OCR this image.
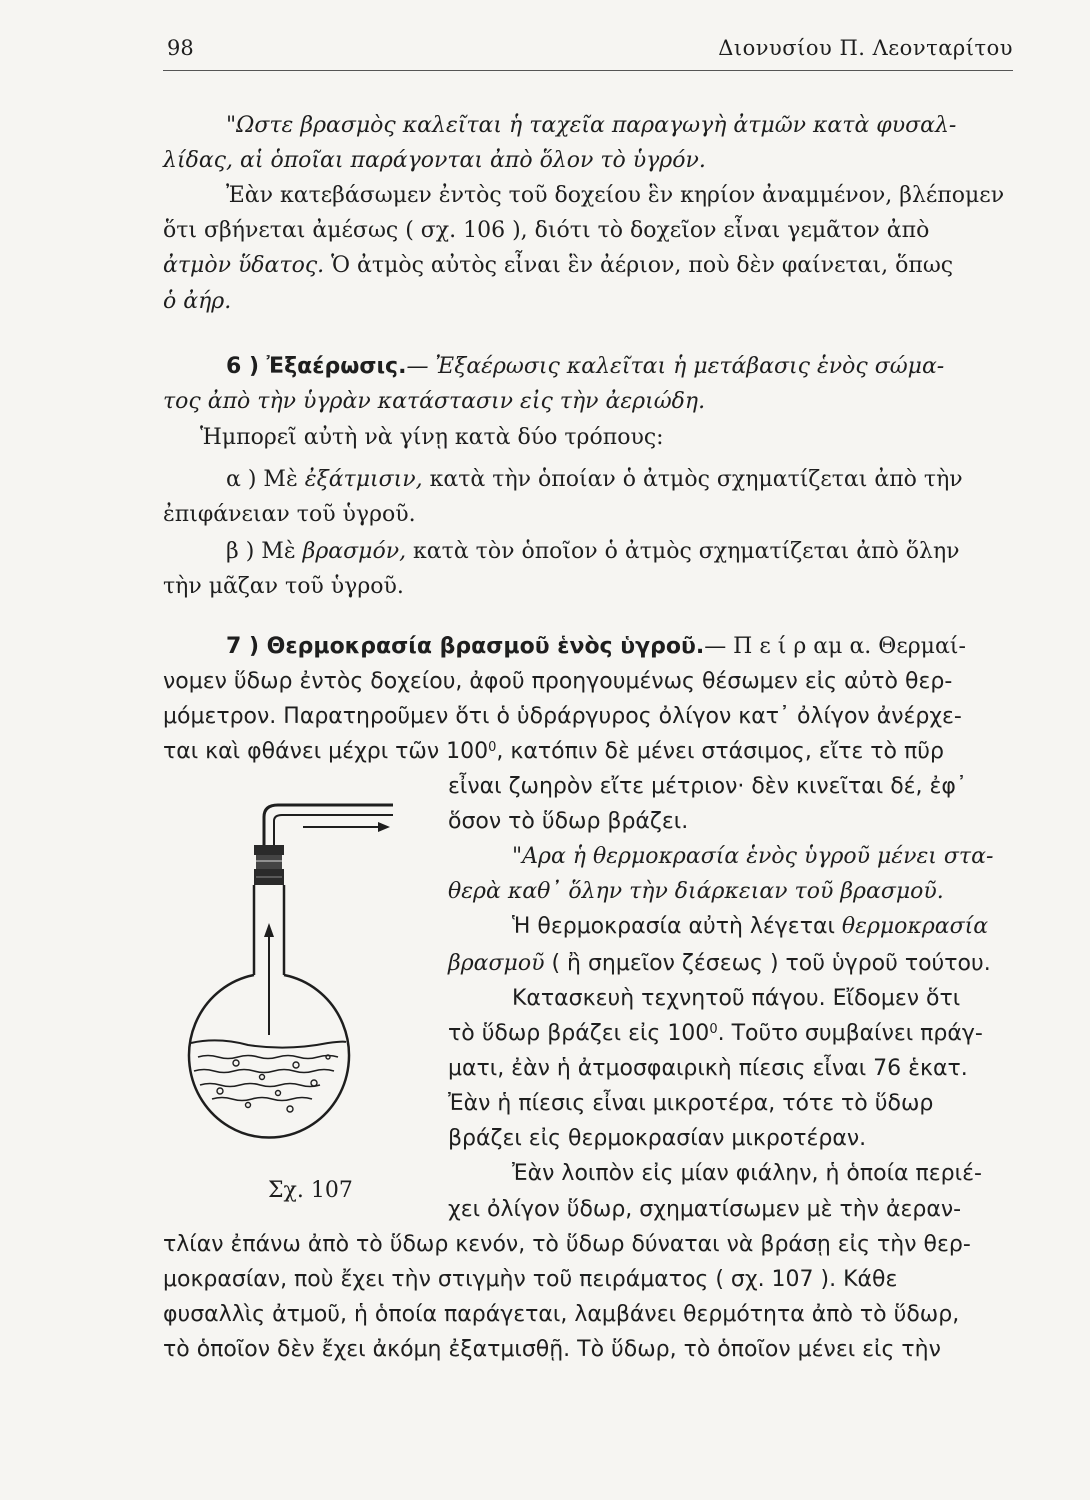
98	Διονυσίου Π. Λεονταρίτου
"Ωστε βρασμὸς καλεῖται ἡ ταχεῖα παραγωγὴ ἀτμῶν κατὰ φυσαλ-
λίδας, αἱ ὁποῖαι παράγονται ἀπὸ ὅλον τὸ ὑγρόν.
Ἐὰν κατεβάσωμεν ἐντὸς τοῦ δοχείου ἓν κηρίον ἀναμμένον, βλέπομεν
ὅτι σβήνεται ἀμέσως ( σχ. 106 ), διότι τὸ δοχεῖον εἶναι γεμᾶτον ἀπὸ
ἀτμὸν ὕδατος. Ὁ ἀτμὸς αὐτὸς εἶναι ἓν ἀέριον, ποὺ δὲν φαίνεται, ὅπως
ὁ ἀήρ.
6 ) Ἐξαέρωσις.— Ἐξαέρωσις καλεῖται ἡ μετάβασις ἑνὸς σώμα-
τος ἀπὸ τὴν ὑγρὰν κατάστασιν εἰς τὴν ἀεριώδη.
Ἡμπορεῖ αὐτὴ νὰ γίνῃ κατὰ δύο τρόπους:
α ) Μὲ ἐξάτμισιν, κατὰ τὴν ὁποίαν ὁ ἀτμὸς σχηματίζεται ἀπὸ τὴν
ἐπιφάνειαν τοῦ ὑγροῦ.
β ) Μὲ βρασμόν, κατὰ τὸν ὁποῖον ὁ ἀτμὸς σχηματίζεται ἀπὸ ὅλην
τὴν μᾶζαν τοῦ ὑγροῦ.
7 ) Θερμοκρασία βρασμοῦ ἑνὸς ὑγροῦ.— Π ε ί ρ αμ α. Θερμαί-
νομεν ὕδωρ ἐντὸς δοχείου, ἀφοῦ προηγουμένως θέσωμεν εἰς αὐτὸ θερ-
μόμετρον. Παρατηροῦμεν ὅτι ὁ ὑδράργυρος ὀλίγον κατ᾽ ὀλίγον ἀνέρχε-
ται καὶ φθάνει μέχρι τῶν $100^0$, κατόπιν δὲ μένει στάσιμος, εἴτε τὸ πῦρ
εἶναι ζωηρὸν εἴτε μέτριον· δὲν κινεῖται δέ, ἐφ᾽
ὅσον τὸ ὕδωρ βράζει.
"Αρα ἡ θερμοκρασία ἑνὸς ὑγροῦ μένει στα-
θερὰ καθ᾽ ὅλην τὴν διάρκειαν τοῦ βρασμοῦ.
Ἡ θερμοκρασία αὐτὴ λέγεται θερμοκρασία
βρασμοῦ ( ἢ σημεῖον ζέσεως ) τοῦ ὑγροῦ τούτου.
Κατασκευὴ τεχνητοῦ πάγου. Εἴδομεν ὅτι
τὸ ὕδωρ βράζει εἰς $100^0$. Τοῦτο συμβαίνει πράγ-
ματι, ἐὰν ἡ ἀτμοσφαιρικὴ πίεσις εἶναι 76 ἑκατ.
Ἐὰν ἡ πίεσις εἶναι μικροτέρα, τότε τὸ ὕδωρ
βράζει εἰς θερμοκρασίαν μικροτέραν.
Ἐὰν λοιπὸν εἰς μίαν φιάλην, ἡ ὁποία περιέ-
χει ὀλίγον ὕδωρ, σχηματίσωμεν μὲ τὴν ἀεραν-
τλίαν ἐπάνω ἀπὸ τὸ ὕδωρ κενόν, τὸ ὕδωρ δύναται νὰ βράσῃ εἰς τὴν θερ-
μοκρασίαν, ποὺ ἔχει τὴν στιγμὴν τοῦ πειράματος ( σχ. 107 ). Κάθε
φυσαλλὶς ἀτμοῦ, ἡ ὁποία παράγεται, λαμβάνει θερμότητα ἀπὸ τὸ ὕδωρ,
τὸ ὁποῖον δὲν ἔχει ἀκόμη ἐξατμισθῇ. Τὸ ὕδωρ, τὸ ὁποῖον μένει εἰς τὴν
Σχ. 107
